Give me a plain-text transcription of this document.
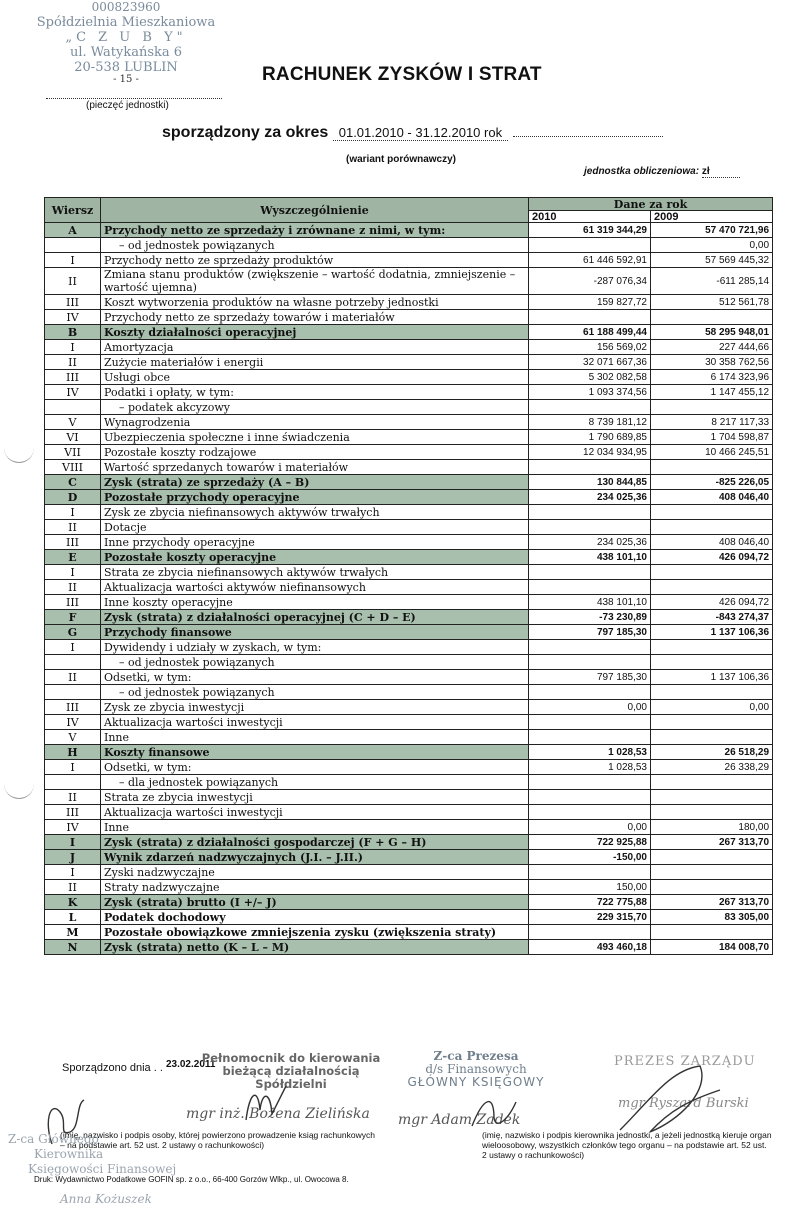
000823960
Spółdzielnia Mieszkaniowa
„C Z U B Y"
ul. Watykańska 6
20-538 LUBLIN
- 15 -
(pieczęć jednostki)
RACHUNEK ZYSKÓW I STRAT
sporządzony za okres 01.01.2010 - 31.12.2010 rok
(wariant porównawczy)
jednostka obliczeniowa: zł
Wiersz	Wyszczególnienie	Dane za rok	
		2010	2009
A	Przychody netto ze sprzedaży i zrównane z nimi, w tym:	61 319 344,29	57 470 721,96
	– od jednostek powiązanych		0,00
I	Przychody netto ze sprzedaży produktów	61 446 592,91	57 569 445,32
II	Zmiana stanu produktów (zwiększenie – wartość dodatnia, zmniejszenie – wartość ujemna)	-287 076,34	-611 285,14
III	Koszt wytworzenia produktów na własne potrzeby jednostki	159 827,72	512 561,78
IV	Przychody netto ze sprzedaży towarów i materiałów		
B	Koszty działalności operacyjnej	61 188 499,44	58 295 948,01
I	Amortyzacja	156 569,02	227 444,66
II	Zużycie materiałów i energii	32 071 667,36	30 358 762,56
III	Usługi obce	5 302 082,58	6 174 323,96
IV	Podatki i opłaty, w tym:	1 093 374,56	1 147 455,12
	– podatek akcyzowy		
V	Wynagrodzenia	8 739 181,12	8 217 117,33
VI	Ubezpieczenia społeczne i inne świadczenia	1 790 689,85	1 704 598,87
VII	Pozostałe koszty rodzajowe	12 034 934,95	10 466 245,51
VIII	Wartość sprzedanych towarów i materiałów		
C	Zysk (strata) ze sprzedaży (A – B)	130 844,85	-825 226,05
D	Pozostałe przychody operacyjne	234 025,36	408 046,40
I	Zysk ze zbycia niefinansowych aktywów trwałych		
II	Dotacje		
III	Inne przychody operacyjne	234 025,36	408 046,40
E	Pozostałe koszty operacyjne	438 101,10	426 094,72
I	Strata ze zbycia niefinansowych aktywów trwałych		
II	Aktualizacja wartości aktywów niefinansowych		
III	Inne koszty operacyjne	438 101,10	426 094,72
F	Zysk (strata) z działalności operacyjnej (C + D – E)	-73 230,89	-843 274,37
G	Przychody finansowe	797 185,30	1 137 106,36
I	Dywidendy i udziały w zyskach, w tym:		
	– od jednostek powiązanych		
II	Odsetki, w tym:	797 185,30	1 137 106,36
	– od jednostek powiązanych		
III	Zysk ze zbycia inwestycji	0,00	0,00
IV	Aktualizacja wartości inwestycji		
V	Inne		
H	Koszty finansowe	1 028,53	26 518,29
I	Odsetki, w tym:	1 028,53	26 338,29
	– dla jednostek powiązanych		
II	Strata ze zbycia inwestycji		
III	Aktualizacja wartości inwestycji		
IV	Inne	0,00	180,00
I	Zysk (strata) z działalności gospodarczej (F + G – H)	722 925,88	267 313,70
J	Wynik zdarzeń nadzwyczajnych (J.I. – J.II.)	-150,00	
I	Zyski nadzwyczajne		
II	Straty nadzwyczajne	150,00	
K	Zysk (strata) brutto (I +/– J)	722 775,88	267 313,70
L	Podatek dochodowy	229 315,70	83 305,00
M	Pozostałe obowiązkowe zmniejszenia zysku (zwiększenia straty)		
N	Zysk (strata) netto (K – L – M)	493 460,18	184 008,70
Sporządzono dnia . . 23.02.2011
Pełnomocnik do kierowania
bieżącą działalnością Spółdzielni
mgr inż. Bożena Zielińska
Z-ca Prezesa
d/s Finansowych
GŁÓWNY KSIĘGOWY
mgr Adam Zadek
PREZES ZARZĄDU
mgr Ryszard Burski
(imię, nazwisko i podpis osoby, której powierzono prowadzenie ksiąg rachunkowych – na podstawie art. 52 ust. 2 ustawy o rachunkowości)
(imię, nazwisko i podpis kierownika jednostki, a jeżeli jednostką kieruje organ wieloosobowy, wszystkich członków tego organu – na podstawie art. 52 ust. 2 ustawy o rachunkowości)
Z-ca Głównego
Kierownika
Księgowości Finansowej
Druk: Wydawnictwo Podatkowe GOFIN sp. z o.o., 66-400 Gorzów Wlkp., ul. Owocowa 8.
Anna Kożuszek
